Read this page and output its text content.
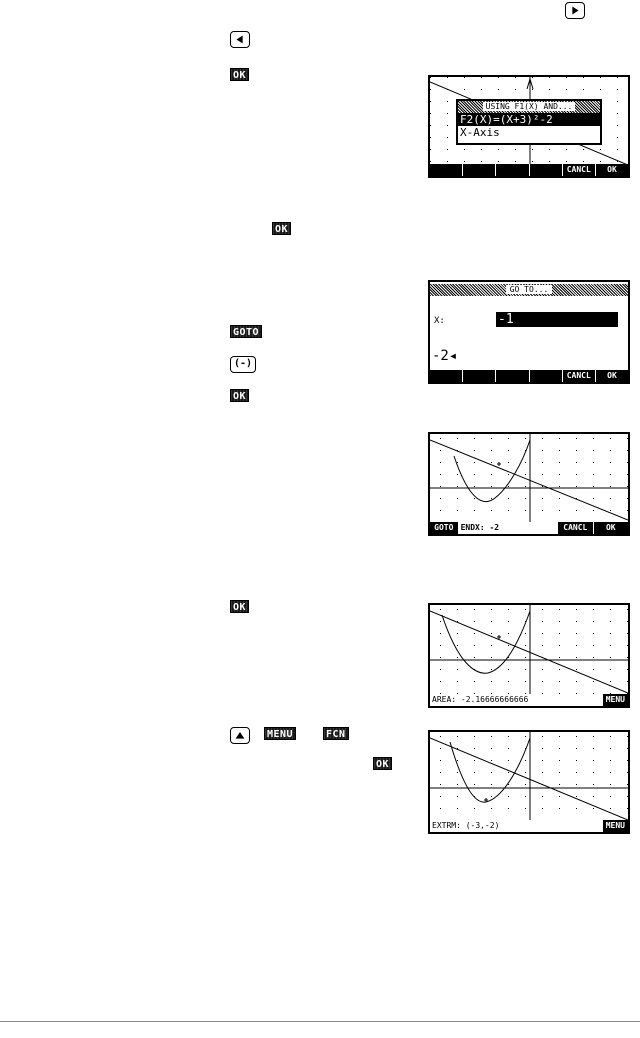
OK
OK
GOTO
(-)
OK
OK
MENU	FCN
OK
USING F1(X) AND...
F2(X)=(X+3)²-2
X-Axis
CANCL	OK
GO TO...
X:	-1
-2◂
CANCL	OK
GOTO ENDX: -2	CANCL	OK
AREA: -2.16666666666	MENU
EXTRM: (-3,-2)	MENU
